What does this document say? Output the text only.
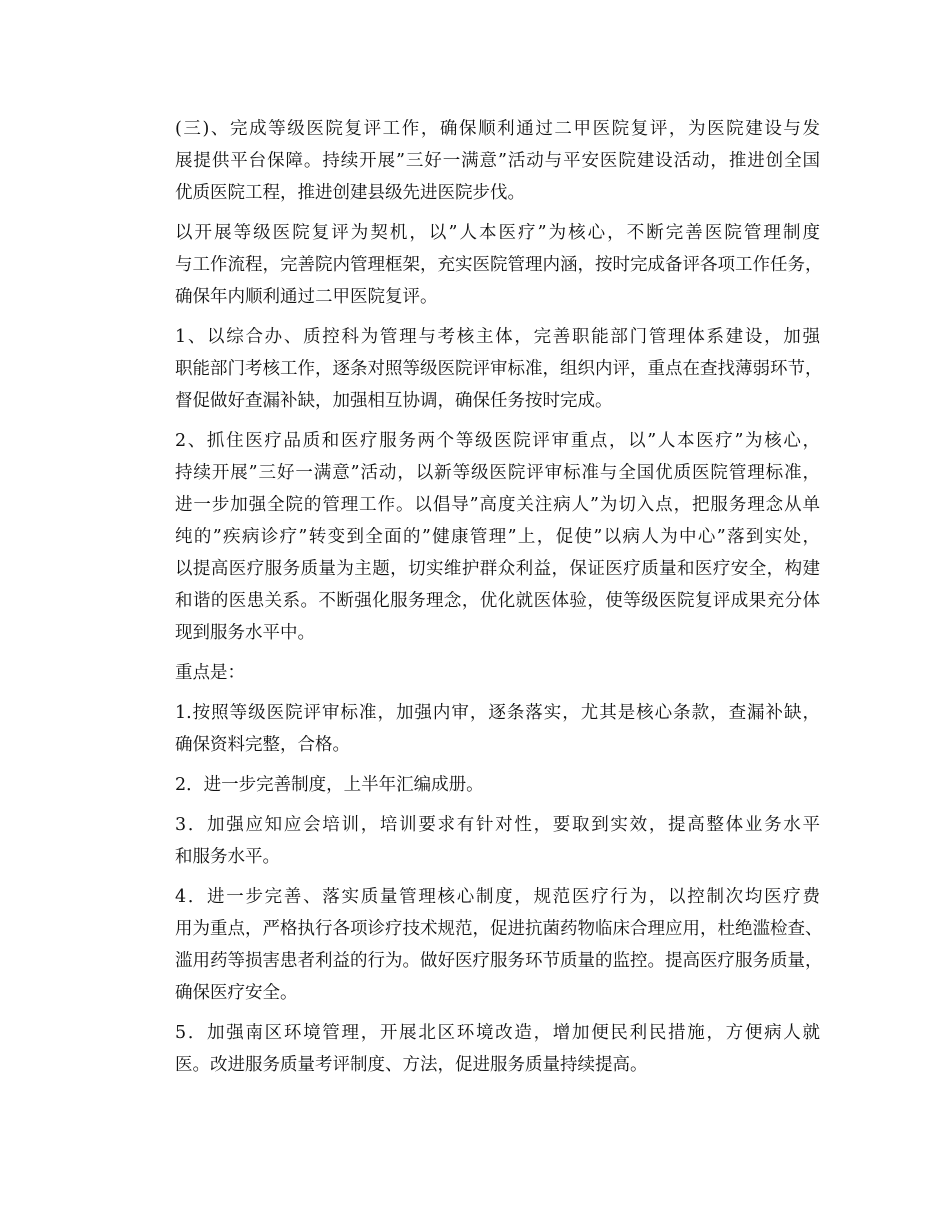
(三)、完成等级医院复评工作，确保顺利通过二甲医院复评，为医院建设与发
展提供平台保障。持续开展”三好一满意”活动与平安医院建设活动，推进创全国
优质医院工程，推进创建县级先进医院步伐。

以开展等级医院复评为契机，以”人本医疗”为核心，不断完善医院管理制度
与工作流程，完善院内管理框架，充实医院管理内涵，按时完成备评各项工作任务，
确保年内顺利通过二甲医院复评。

1、以综合办、质控科为管理与考核主体，完善职能部门管理体系建设，加强
职能部门考核工作，逐条对照等级医院评审标准，组织内评，重点在查找薄弱环节，
督促做好查漏补缺，加强相互协调，确保任务按时完成。

2、抓住医疗品质和医疗服务两个等级医院评审重点，以”人本医疗”为核心，
持续开展”三好一满意”活动，以新等级医院评审标准与全国优质医院管理标准，
进一步加强全院的管理工作。以倡导”高度关注病人”为切入点，把服务理念从单
纯的”疾病诊疗”转变到全面的”健康管理”上，促使”以病人为中心”落到实处，
以提高医疗服务质量为主题，切实维护群众利益，保证医疗质量和医疗安全，构建
和谐的医患关系。不断强化服务理念，优化就医体验，使等级医院复评成果充分体
现到服务水平中。

重点是：

1.按照等级医院评审标准，加强内审，逐条落实，尤其是核心条款，查漏补缺，
确保资料完整，合格。

2．进一步完善制度，上半年汇编成册。

3．加强应知应会培训，培训要求有针对性，要取到实效，提高整体业务水平
和服务水平。

4．进一步完善、落实质量管理核心制度，规范医疗行为，以控制次均医疗费
用为重点，严格执行各项诊疗技术规范，促进抗菌药物临床合理应用，杜绝滥检查、
滥用药等损害患者利益的行为。做好医疗服务环节质量的监控。提高医疗服务质量，
确保医疗安全。

5．加强南区环境管理，开展北区环境改造，增加便民利民措施，方便病人就
医。改进服务质量考评制度、方法，促进服务质量持续提高。
